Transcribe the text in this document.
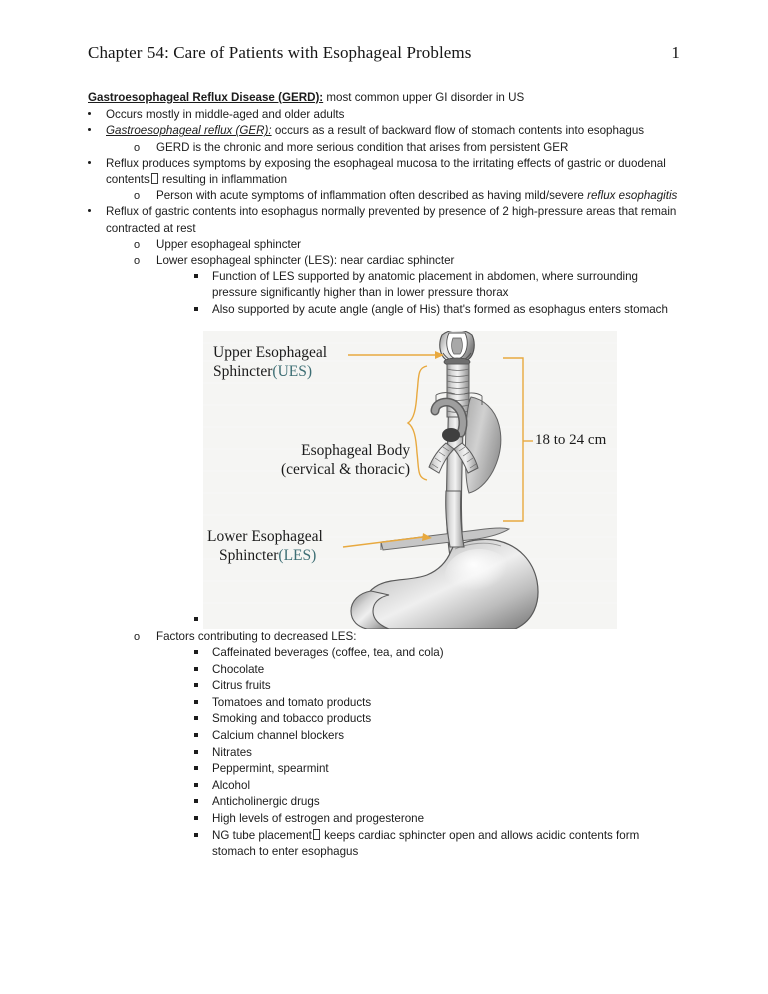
Chapter 54: Care of Patients with Esophageal Problems	1

Gastroesophageal Reflux Disease (GERD): most common upper GI disorder in US

Occurs mostly in middle-aged and older adults
Gastroesophageal reflux (GER): occurs as a result of backward flow of stomach contents into esophagus
o	GERD is the chronic and more serious condition that arises from persistent GER
Reflux produces symptoms by exposing the esophageal mucosa to the irritating effects of gastric or duodenal contents resulting in inflammation
o	Person with acute symptoms of inflammation often described as having mild/severe reflux esophagitis
Reflux of gastric contents into esophagus normally prevented by presence of 2 high-pressure areas that remain contracted at rest
o	Upper esophageal sphincter
o	Lower esophageal sphincter (LES): near cardiac sphincter
Function of LES supported by anatomic placement in abdomen, where surrounding pressure significantly higher than in lower pressure thorax
Also supported by acute angle (angle of His) that's formed as esophagus enters stomach
o	Factors contributing to decreased LES:
Caffeinated beverages (coffee, tea, and cola)
Chocolate
Citrus fruits
Tomatoes and tomato products
Smoking and tobacco products
Calcium channel blockers
Nitrates
Peppermint, spearmint
Alcohol
Anticholinergic drugs
High levels of estrogen and progesterone
NG tube placement keeps cardiac sphincter open and allows acidic contents form stomach to enter esophagus
Upper Esophageal
Sphincter(UES)
Esophageal Body
(cervical & thoracic)
Lower Esophageal
Sphincter(LES)
18 to 24 cm
